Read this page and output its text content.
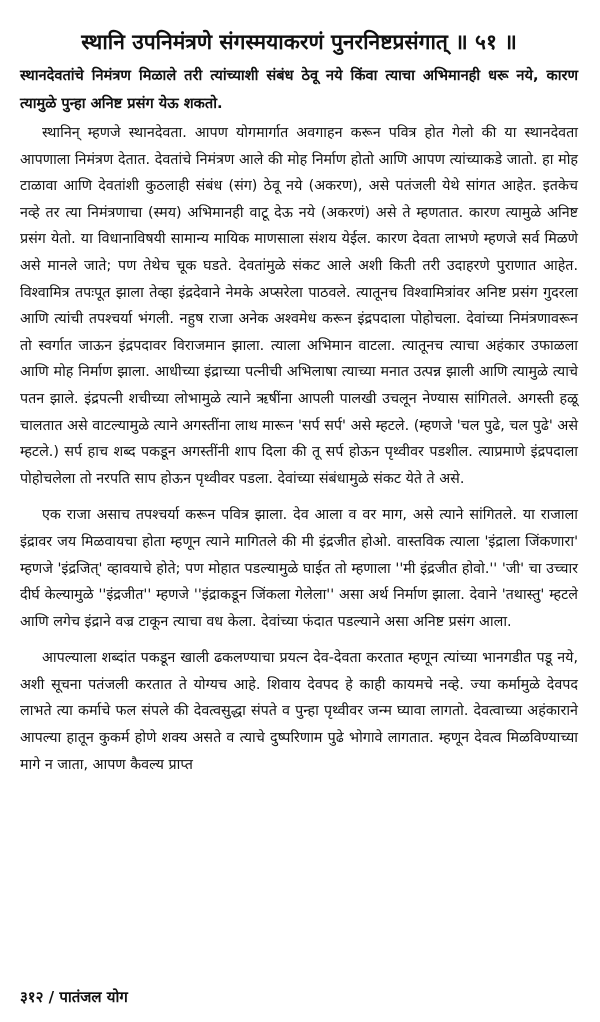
स्थानि उपनिमंत्रणे संगस्मयाकरणं पुनरनिष्टप्रसंगात् ॥ ५१ ॥

स्थानदेवतांचे निमंत्रण मिळाले तरी त्यांच्याशी संबंध ठेवू नये किंवा त्याचा अभिमानही धरू नये, कारण त्यामुळे पुन्हा अनिष्ट प्रसंग येऊ शकतो.

स्थानिन् म्हणजे स्थानदेवता. आपण योगमार्गात अवगाहन करून पवित्र होत गेलो की या स्थानदेवता आपणाला निमंत्रण देतात. देवतांचे निमंत्रण आले की मोह निर्माण होतो आणि आपण त्यांच्याकडे जातो. हा मोह टाळावा आणि देवतांशी कुठलाही संबंध (संग) ठेवू नये (अकरण), असे पतंजली येथे सांगत आहेत. इतकेच नव्हे तर त्या निमंत्रणाचा (स्मय) अभिमानही वाटू देऊ नये (अकरणं) असे ते म्हणतात. कारण त्यामुळे अनिष्ट प्रसंग येतो. या विधानाविषयी सामान्य मायिक माणसाला संशय येईल. कारण देवता लाभणे म्हणजे सर्व मिळणे असे मानले जाते; पण तेथेच चूक घडते. देवतांमुळे संकट आले अशी किती तरी उदाहरणे पुराणात आहेत. विश्वामित्र तपःपूत झाला तेव्हा इंद्रदेवाने नेमके अप्सरेला पाठवले. त्यातूनच विश्वामित्रांवर अनिष्ट प्रसंग गुदरला आणि त्यांची तपश्चर्या भंगली. नहुष राजा अनेक अश्वमेध करून इंद्रपदाला पोहोचला. देवांच्या निमंत्रणावरून तो स्वर्गात जाऊन इंद्रपदावर विराजमान झाला. त्याला अभिमान वाटला. त्यातूनच त्याचा अहंकार उफाळला आणि मोह निर्माण झाला. आधीच्या इंद्राच्या पत्नीची अभिलाषा त्याच्या मनात उत्पन्न झाली आणि त्यामुळे त्याचे पतन झाले. इंद्रपत्नी शचीच्या लोभामुळे त्याने ऋषींना आपली पालखी उचलून नेण्यास सांगितले. अगस्ती हळू चालतात असे वाटल्यामुळे त्याने अगस्तींना लाथ मारून 'सर्प सर्प' असे म्हटले. (म्हणजे 'चल पुढे, चल पुढे' असे म्हटले.) सर्प हाच शब्द पकडून अगस्तींनी शाप दिला की तू सर्प होऊन पृथ्वीवर पडशील. त्याप्रमाणे इंद्रपदाला पोहोचलेला तो नरपति साप होऊन पृथ्वीवर पडला. देवांच्या संबंधामुळे संकट येते ते असे.

एक राजा असाच तपश्चर्या करून पवित्र झाला. देव आला व वर माग, असे त्याने सांगितले. या राजाला इंद्रावर जय मिळवायचा होता म्हणून त्याने मागितले की मी इंद्रजीत होओ. वास्तविक त्याला 'इंद्राला जिंकणारा' म्हणजे 'इंद्रजित्' व्हावयाचे होते; पण मोहात पडल्यामुळे घाईत तो म्हणाला ''मी इंद्रजीत होवो.'' 'जी' चा उच्चार दीर्घ केल्यामुळे ''इंद्रजीत'' म्हणजे ''इंद्राकडून जिंकला गेलेला'' असा अर्थ निर्माण झाला. देवाने 'तथास्तु' म्हटले आणि लगेच इंद्राने वज्र टाकून त्याचा वध केला. देवांच्या फंदात पडल्याने असा अनिष्ट प्रसंग आला.

आपल्याला शब्दांत पकडून खाली ढकलण्याचा प्रयत्न देव-देवता करतात म्हणून त्यांच्या भानगडीत पडू नये, अशी सूचना पतंजली करतात ते योग्यच आहे. शिवाय देवपद हे काही कायमचे नव्हे. ज्या कर्मामुळे देवपद लाभते त्या कर्माचे फल संपले की देवत्वसुद्धा संपते व पुन्हा पृथ्वीवर जन्म घ्यावा लागतो. देवत्वाच्या अहंकाराने आपल्या हातून कुकर्म होणे शक्य असते व त्याचे दुष्परिणाम पुढे भोगावे लागतात. म्हणून देवत्व मिळविण्याच्या मागे न जाता, आपण कैवल्य प्राप्त

३१२ / पातंजल योग
